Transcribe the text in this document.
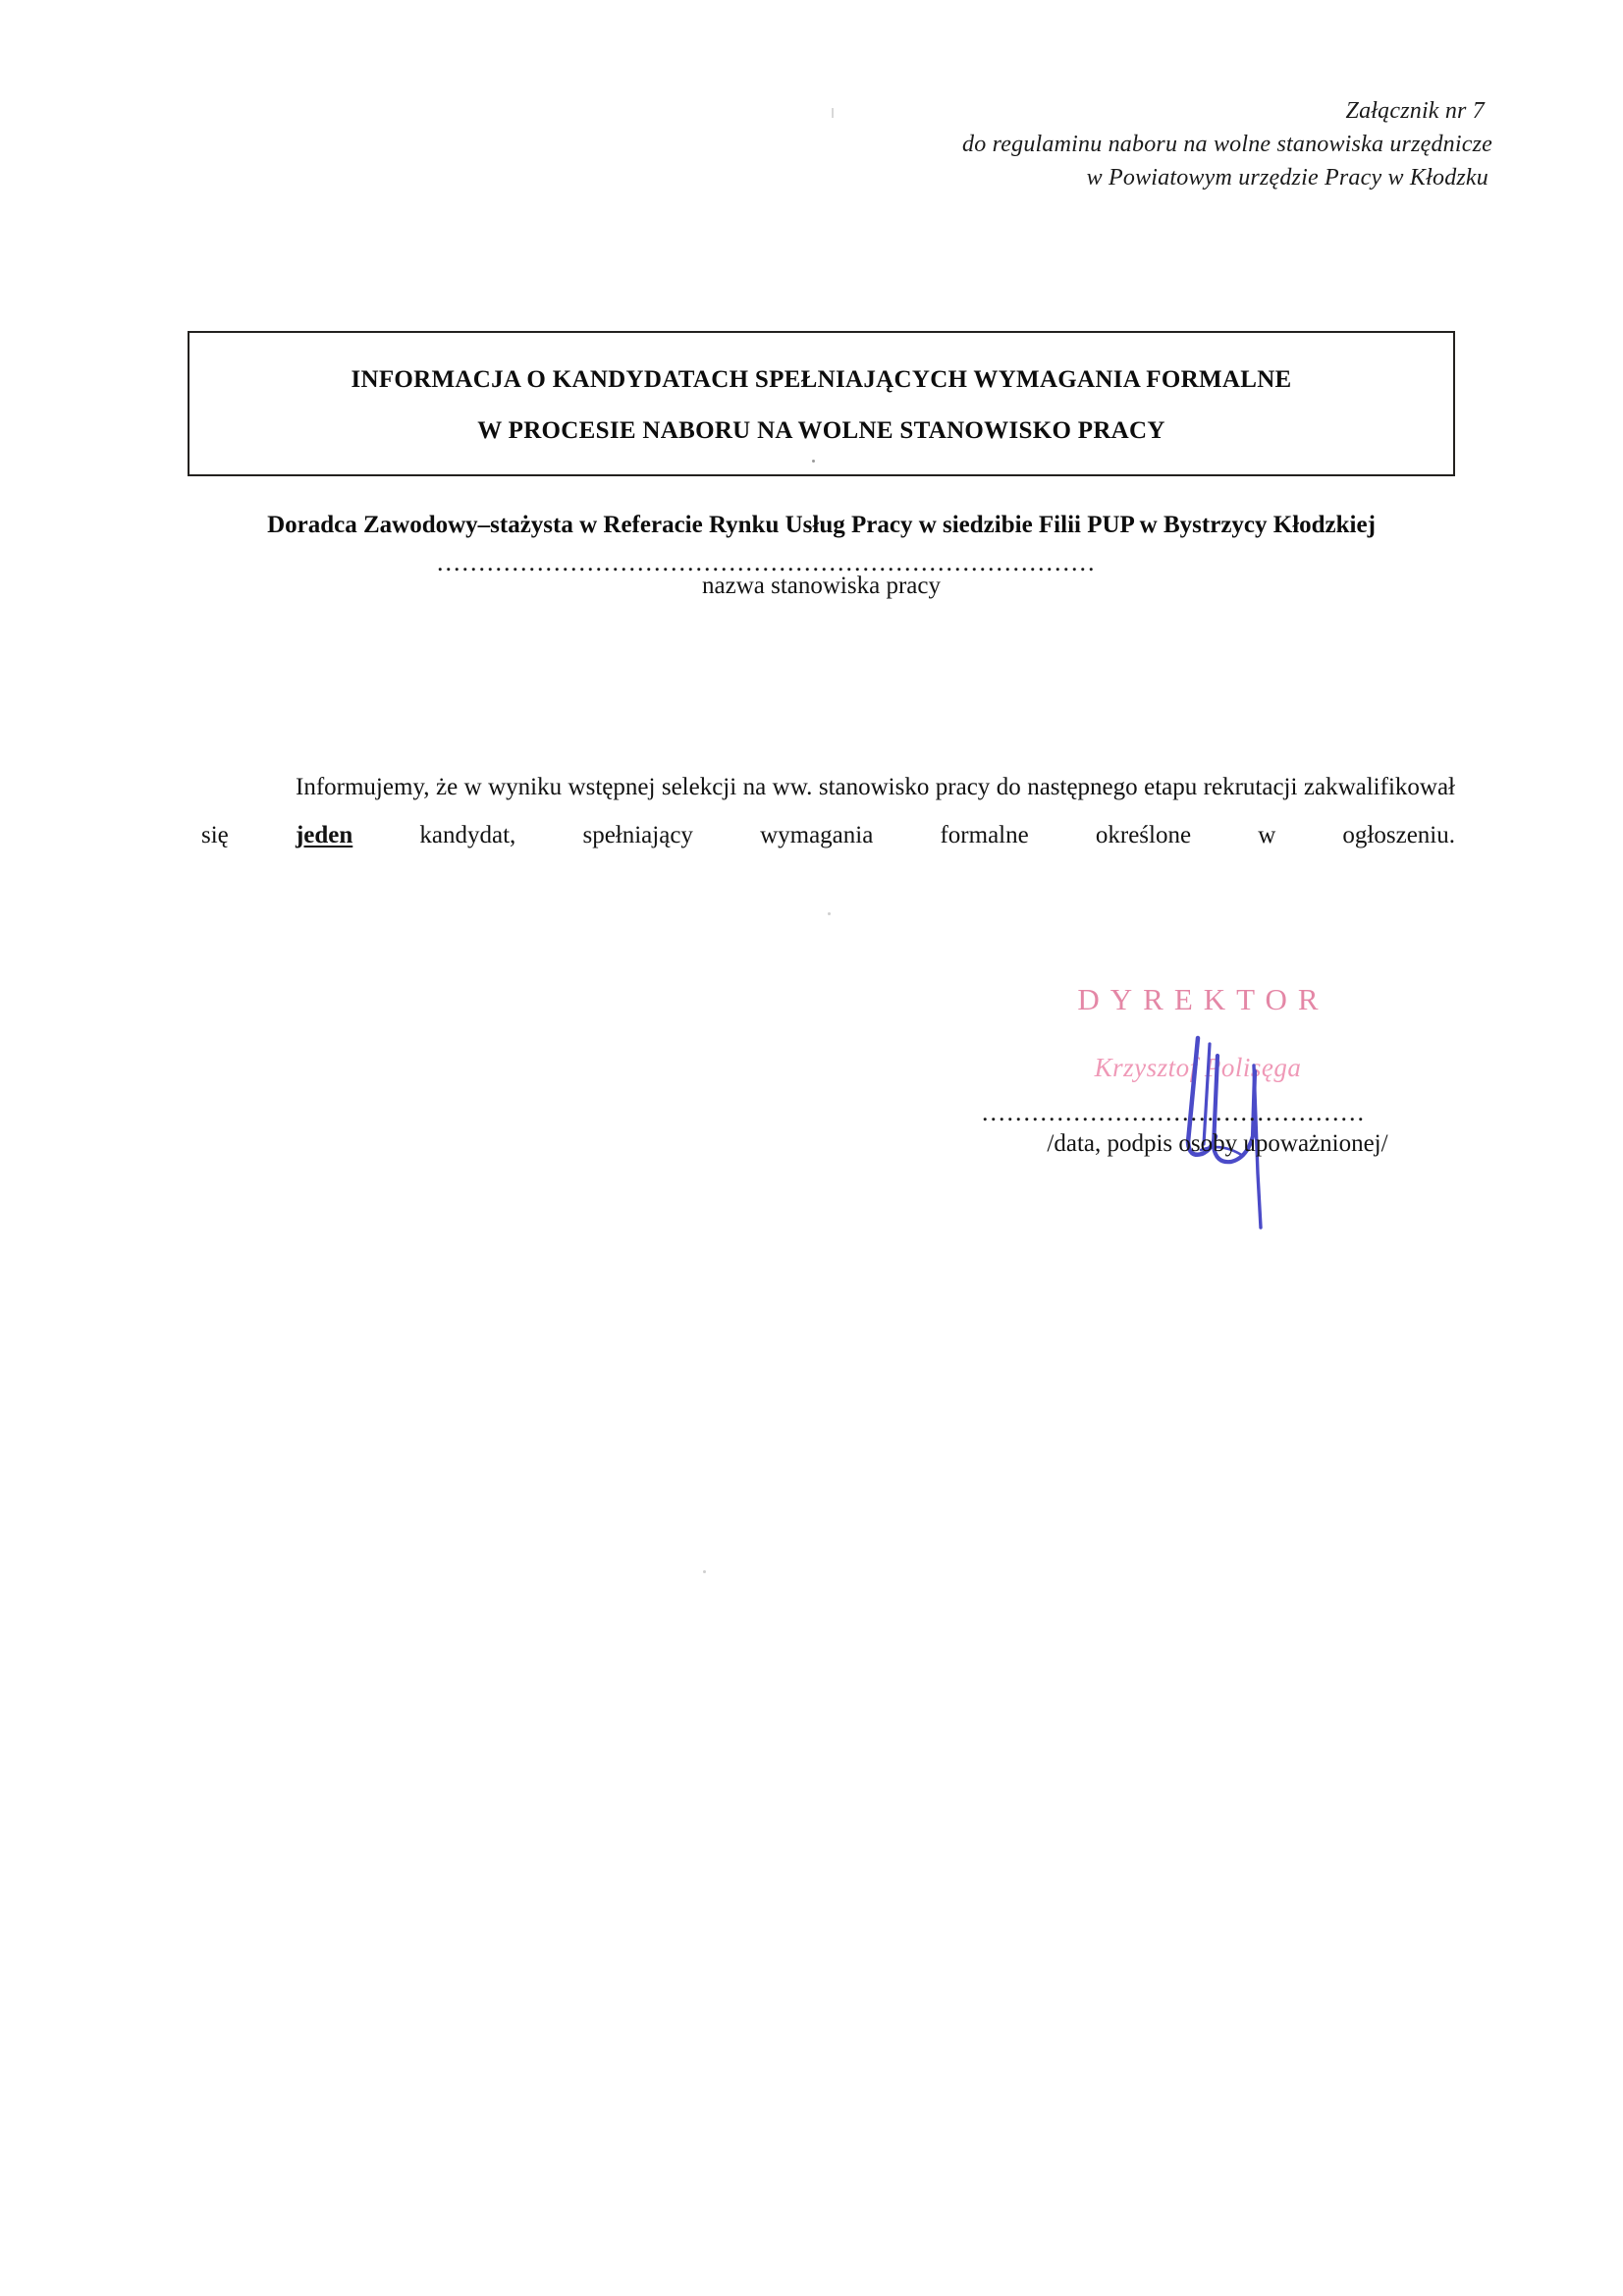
Załącznik nr 7
do regulaminu naboru na wolne stanowiska urzędnicze
w Powiatowym urzędzie Pracy w Kłodzku
INFORMACJA O KANDYDATACH SPEŁNIAJĄCYCH WYMAGANIA FORMALNE
W PROCESIE NABORU NA WOLNE STANOWISKO PRACY
Doradca Zawodowy–stażysta w Referacie Rynku Usług Pracy w siedzibie Filii PUP w Bystrzycy Kłodzkiej
...............................................................................
nazwa stanowiska pracy

Informujemy, że w wyniku wstępnej selekcji na ww. stanowisko pracy do następnego etapu rekrutacji zakwalifikował się jeden kandydat, spełniający wymagania formalne określone w ogłoszeniu.

DYREKTOR
Krzysztof Polisęga
..............................................
/data, podpis osoby upoważnionej/
